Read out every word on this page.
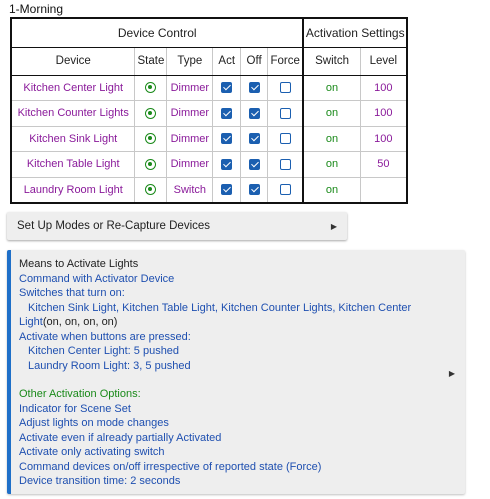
1-Morning
Device Control						Activation Settings	
Device	State	Type	Act	Off	Force	Switch	Level
Kitchen Center Light		Dimmer				on	100
Kitchen Counter Lights		Dimmer				on	100
Kitchen Sink Light		Dimmer				on	100
Kitchen Table Light		Dimmer				on	50
Laundry Room Light		Switch				on	
Set Up Modes or Re-Capture Devices	▶
Means to Activate Lights
Command with Activator Device
Switches that turn on:
Kitchen Sink Light, Kitchen Table Light, Kitchen Counter Lights, Kitchen Center
Light(on, on, on, on)
Activate when buttons are pressed:
Kitchen Center Light: 5 pushed
Laundry Room Light: 3, 5 pushed
Other Activation Options:
Indicator for Scene Set
Adjust lights on mode changes
Activate even if already partially Activated
Activate only activating switch
Command devices on/off irrespective of reported state (Force)
Device transition time: 2 seconds
▶
